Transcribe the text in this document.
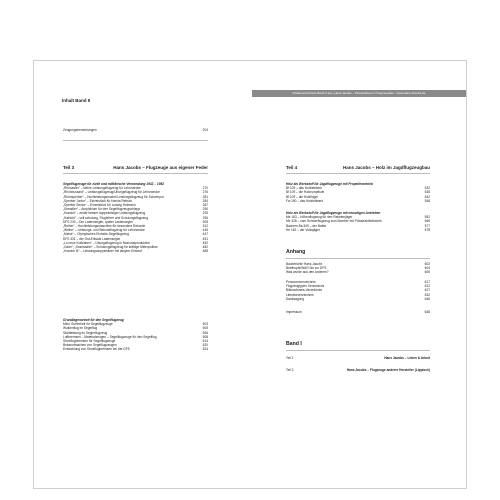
Inhaltsverzeichnis Band II aus „Hans Jacobs – Pionierleben im Flugzeugbau“, www.Hans-Jacobs.de
Inhalt Band II
Zeugungsbemerkungen	204
Teil 3	Hans Jacobs – Flugzeuge aus eigener Feder
Segelflugzeuge für zivile und militärische Verwendung 1932 – 1952
„Rhönadler“ – kleine Leistungsflugzeug für Lehrzwecke	270
„Rhönbussard“ – Leistungsflugzeug/Übungsflugzeug für Lehrzwecke	276
„Rhönsperber“ – Hochleistungsmodell Leistungsflugzeug für Schwerpur	281
„Sperber Junior“ – Einzelstück für Hanna Reitsch	284
„Sperber Senior“ – Einzelstück für Ludwig Hofmann	287
„Seeadler“ – Amphibium für den Segelflugzeugschlepp	290
„Kranich“ – erster besser doppelsitziger Leistungsflugzeug	293
„Habicht“ – voll schulung, Fluglehrer und Schulungsflugzeug	296
DFS 230 – Der Lastensegler, später Lastensegler	305
„Reiher“ – Hochleistungsmaschine für besondere Rekorde	312
„Weihe“ – Leistungs- und Bekundflugzeug für Lehrzwecke	445
„Meise“ – Olympisches Einheits-Segelflugzeug	447
DFS 331 – der Ost-Entsatz Lastensegler	451
„Lo neue Kolkraben“ – Übungsflugzeug in Nazionalproduktion	452
„Gaier“, „Sosesadler“ – Schulungsflugzeug für kräftige Metropolitan	482
„Kranich III“ – Leistungsdoppelsitzer mit langem Entwurf	488
Grundlagenarbeit für den Segelflugzeug
Mehr Sicherheit für Segelflugzeuge	503
Wolkenflug im Segelflug	505
Startleistung im Seglerflugzeug	506
Luftbremsen – Materialzeugen – Segelflugzeuge für den Segelflug	508
Sturzflugbremsen für Segelflugzeuge	514
Bekanntmachen von Segelflugzeugen	520
Entwicklung von Sturzflugbremsen bei der DFS	524
Teil 4	Hans Jacobs – Holz im Jagdflugzeugbau
Holz als Werkstoff für Jagdflugzeuge mit Propellerantrieb
Bf 109 – das Holzleitwerk	532
Bf 109 – die Holzrumpfkufe	538
Bf 109 – die Holzflügel	542
Fw 190 – das Holzleitwerk	548
Holz als Werkstoff für Jagdflugzeuge mit neuartigen Antrieben
Me 163 – Höhenflugzeug für den Raketenjäger	552
Me 328 – vom Schwerflugzeug zum Bomber mit Pulsstrahltriebwerk	566
Bachem Ba 349 – der Natter	577
He 162 – der Volksjäger	578
Anhang
Bauberichte Hans Jacobs	602
Briefkopfe/WAG bis zur DFS	604
Was wurde aus den Anderen?	605
Personenverzeichnis	617
Flugzeugtypen-Verzeichnis	622
Bildnachweis-Verzeichnis	627
Literaturverzeichnis	632
Danksagung	646
Impressum	648
Band I
Teil 1	Hans Jacobs – Leben & Arbeit
Teil 2	Hans Jacobs – Flugzeuge anderer Hersteller (Lippisch)
